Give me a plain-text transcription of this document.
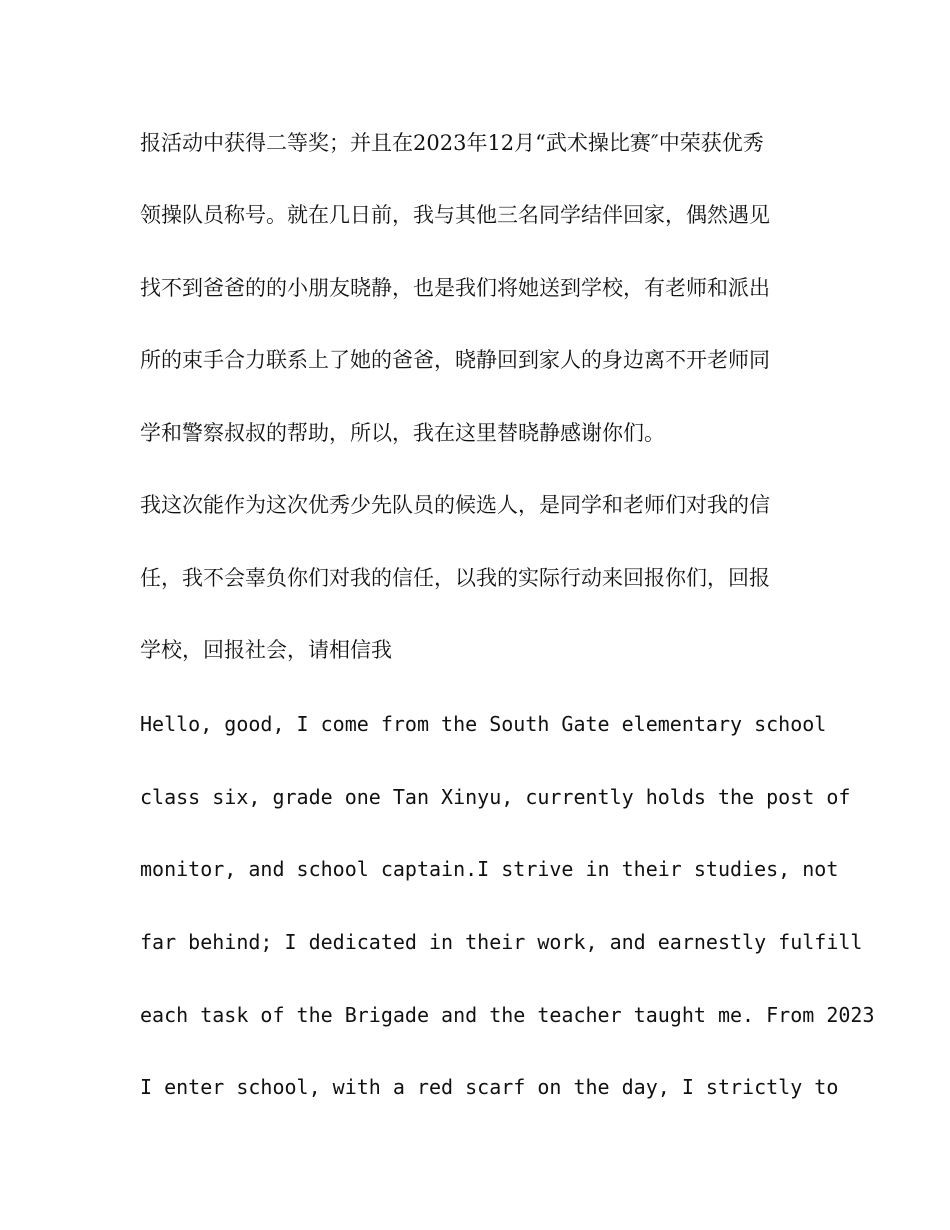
报活动中获得二等奖；并且在2023年12月“武术操比赛″中荣获优秀
领操队员称号。就在几日前，我与其他三名同学结伴回家，偶然遇见
找不到爸爸的的小朋友晓静，也是我们将她送到学校，有老师和派出
所的束手合力联系上了她的爸爸，晓静回到家人的身边离不开老师同
学和警察叔叔的帮助，所以，我在这里替晓静感谢你们。
我这次能作为这次优秀少先队员的候选人，是同学和老师们对我的信
任，我不会辜负你们对我的信任，以我的实际行动来回报你们，回报
学校，回报社会，请相信我
Hello, good, I come from the South Gate elementary school
class six, grade one Tan Xinyu, currently holds the post of
monitor, and school captain.I strive in their studies, not
far behind; I dedicated in their work, and earnestly fulfill
each task of the Brigade and the teacher taught me. From 2023
I enter school, with a red scarf on the day, I strictly to
